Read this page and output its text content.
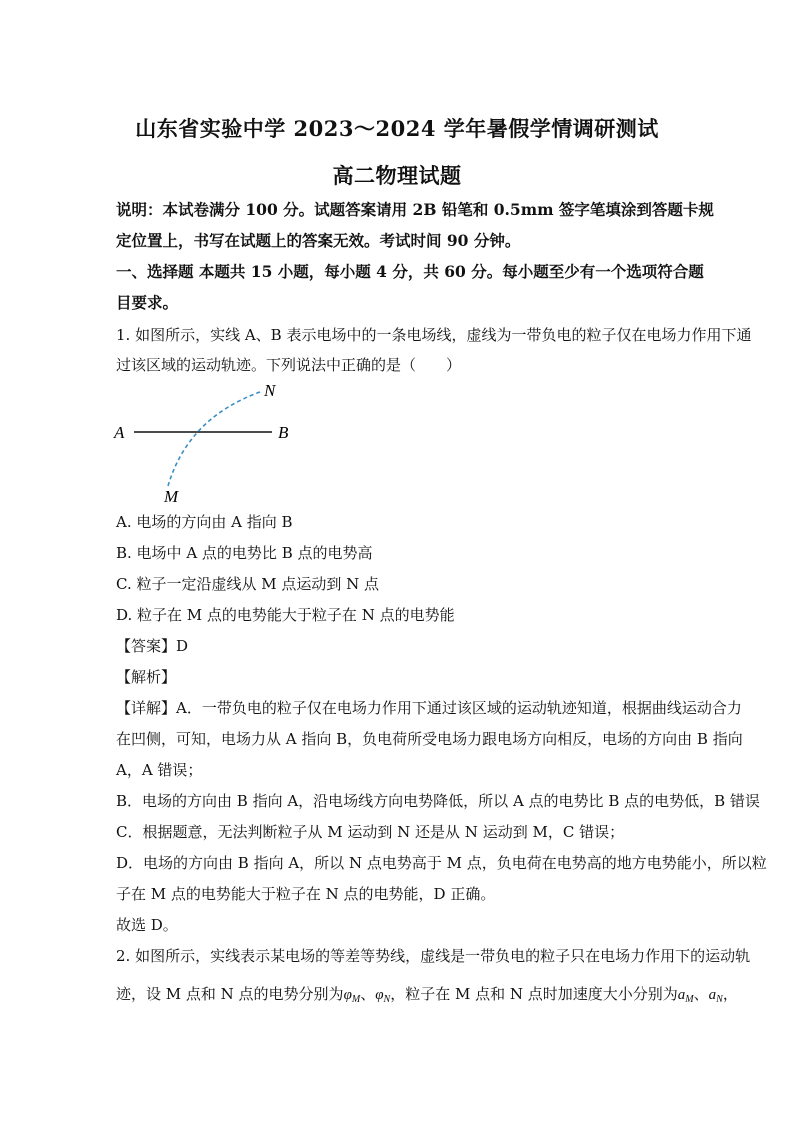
山东省实验中学 2023～2024 学年暑假学情调研测试
高二物理试题
说明：本试卷满分 100 分。试题答案请用 2B 铅笔和 0.5mm 签字笔填涂到答题卡规
定位置上，书写在试题上的答案无效。考试时间 90 分钟。
一、选择题 本题共 15 小题，每小题 4 分，共 60 分。每小题至少有一个选项符合题
目要求。
1. 如图所示，实线 A、B 表示电场中的一条电场线，虚线为一带负电的粒子仅在电场力作用下通
过该区域的运动轨迹。下列说法中正确的是（　　）
A	B
M
N
A. 电场的方向由 A 指向 B
B. 电场中 A 点的电势比 B 点的电势高
C. 粒子一定沿虚线从 M 点运动到 N 点
D. 粒子在 M 点的电势能大于粒子在 N 点的电势能
【答案】D
【解析】
【详解】A．一带负电的粒子仅在电场力作用下通过该区域的运动轨迹知道，根据曲线运动合力
在凹侧，可知，电场力从 A 指向 B，负电荷所受电场力跟电场方向相反，电场的方向由 B 指向
A，A 错误；
B．电场的方向由 B 指向 A，沿电场线方向电势降低，所以 A 点的电势比 B 点的电势低，B 错误
C．根据题意，无法判断粒子从 M 运动到 N 还是从 N 运动到 M，C 错误；
D．电场的方向由 B 指向 A，所以 N 点电势高于 M 点，负电荷在电势高的地方电势能小，所以粒
子在 M 点的电势能大于粒子在 N 点的电势能，D 正确。
故选 D。
2. 如图所示，实线表示某电场的等差等势线，虚线是一带负电的粒子只在电场力作用下的运动轨
迹，设 M 点和 N 点的电势分别为$\varphi_M$、$\varphi_N$，粒子在 M 点和 N 点时加速度大小分别为$a_M$、$a_N$，
